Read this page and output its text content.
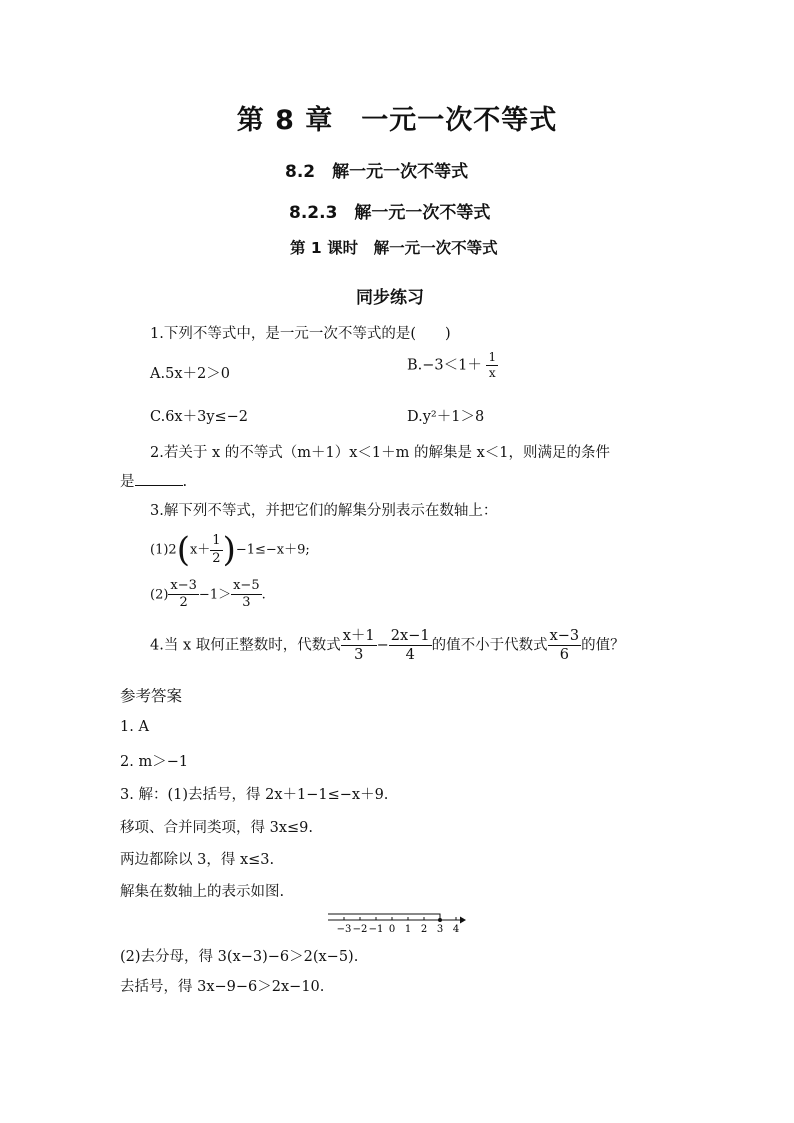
第 8 章　一元一次不等式
8.2　解一元一次不等式
8.2.3　解一元一次不等式
第 1 课时　解一元一次不等式
同步练习
1.下列不等式中，是一元一次不等式的是(　　)
A.5x＋2＞0
$B.-3<1+ \frac{1}{x}$
C.6x＋3y≤−2	D.y²＋1＞8
2.若关于 x 的不等式（m＋1）x＜1＋m 的解集是 x＜1，则满足的条件
是	.
3.解下列不等式，并把它们的解集分别表示在数轴上：
$(1)2(x+ \frac{1}{2} )-1\le-x+9$;
$(2) \frac{x-3}{2} -1> \frac{x-5}{3}$ .
4.当 x 取何正整数时，代数式 $\frac{x+1}{3} - \frac{2x-1}{4}$ 的值不小于代数式 $\frac{x-3}{6}$ 的值？
参考答案
1. A
2. m＞−1
3. 解：(1)去括号，得 2x＋1−1≤−x＋9.
移项、合并同类项，得 3x≤9.
两边都除以 3，得 x≤3.
解集在数轴上的表示如图.
−3 −2 −1 0 1 2 3 4
(2)去分母，得 3(x−3)−6＞2(x−5).
去括号，得 3x−9−6＞2x−10.
